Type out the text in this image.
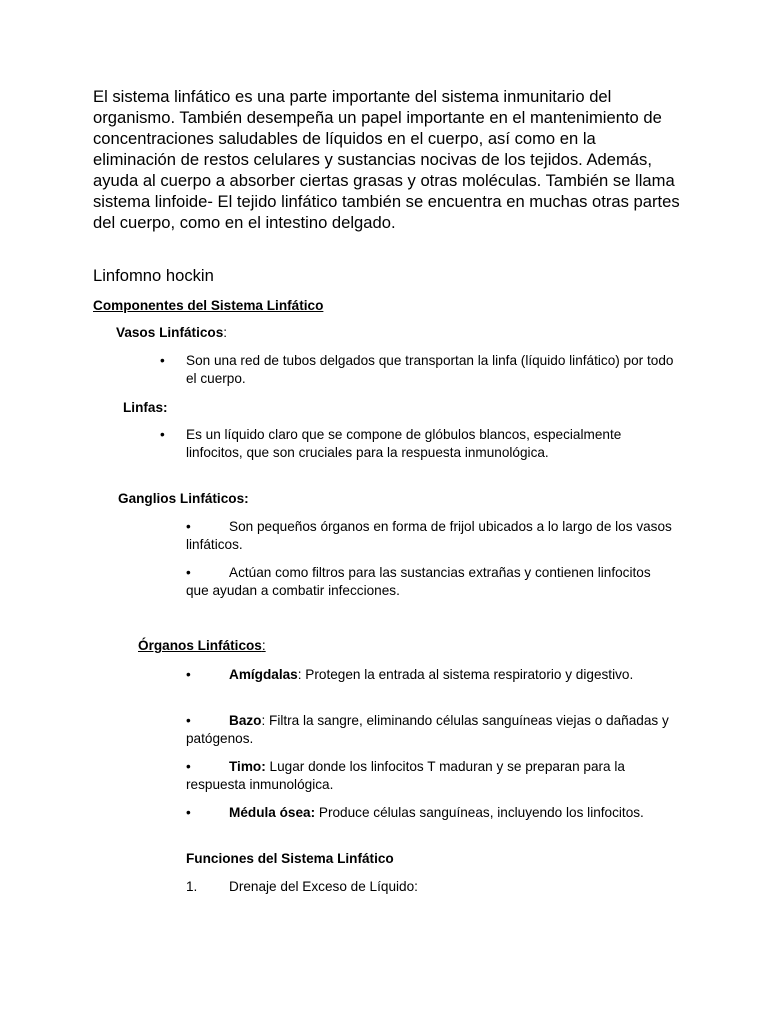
El sistema linfático es una parte importante del sistema inmunitario del organismo. También desempeña un papel importante en el mantenimiento de concentraciones saludables de líquidos en el cuerpo, así como en la eliminación de restos celulares y sustancias nocivas de los tejidos. Además, ayuda al cuerpo a absorber ciertas grasas y otras moléculas. También se llama sistema linfoide- El tejido linfático también se encuentra en muchas otras partes del cuerpo, como en el intestino delgado.

Linfomno hockin

Componentes del Sistema Linfático

Vasos Linfáticos:

•	Son una red de tubos delgados que transportan la linfa (líquido linfático) por todo el cuerpo.

Linfas:

•	Es un líquido claro que se compone de glóbulos blancos, especialmente linfocitos, que son cruciales para la respuesta inmunológica.

Ganglios Linfáticos:

•	Son pequeños órganos en forma de frijol ubicados a lo largo de los vasos linfáticos.

•	Actúan como filtros para las sustancias extrañas y contienen linfocitos que ayudan a combatir infecciones.

Órganos Linfáticos:

•	Amígdalas: Protegen la entrada al sistema respiratorio y digestivo.

•	Bazo: Filtra la sangre, eliminando células sanguíneas viejas o dañadas y patógenos.

•	Timo: Lugar donde los linfocitos T maduran y se preparan para la respuesta inmunológica.

•	Médula ósea: Produce células sanguíneas, incluyendo los linfocitos.

Funciones del Sistema Linfático

1. Drenaje del Exceso de Líquido:
